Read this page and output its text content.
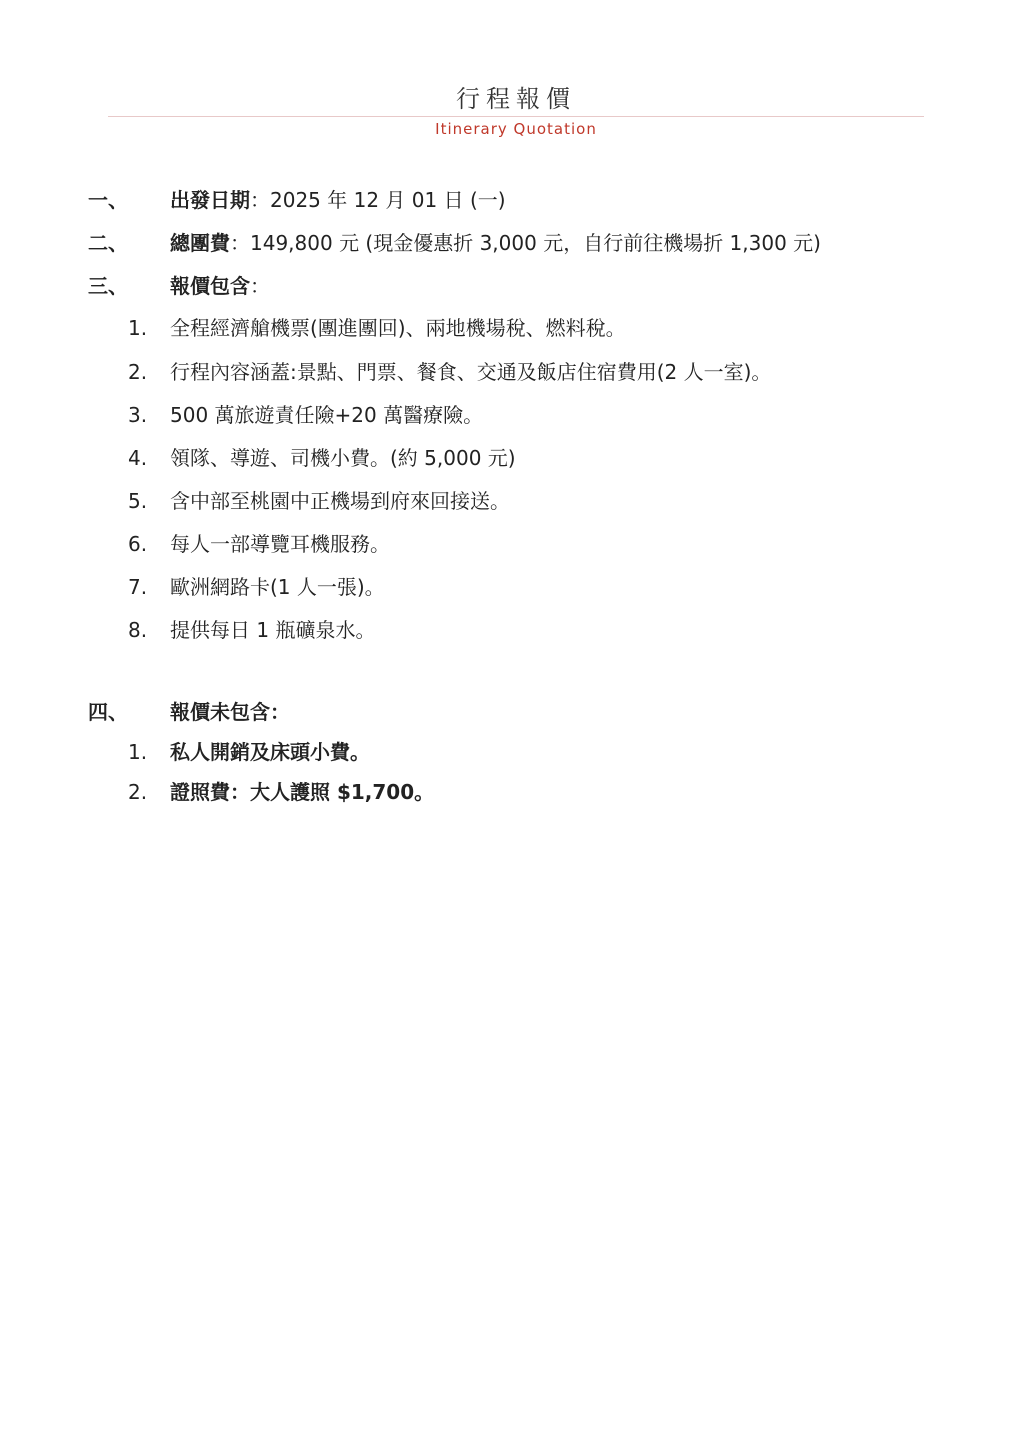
行程報價
Itinerary Quotation
一、 出發日期：2025 年 12 月 01 日 (一)
二、 總團費：149,800 元 (現金優惠折 3,000 元，自行前往機場折 1,300 元)
三、 報價包含：
1. 全程經濟艙機票(團進團回)、兩地機場稅、燃料稅。
2. 行程內容涵蓋:景點、門票、餐食、交通及飯店住宿費用(2 人一室)。
3. 500 萬旅遊責任險+20 萬醫療險。
4. 領隊、導遊、司機小費。(約 5,000 元)
5. 含中部至桃園中正機場到府來回接送。
6. 每人一部導覽耳機服務。
7. 歐洲網路卡(1 人一張)。
8. 提供每日 1 瓶礦泉水。
四、 報價未包含：
1. 私人開銷及床頭小費。
2. 證照費：大人護照 $1,700。
